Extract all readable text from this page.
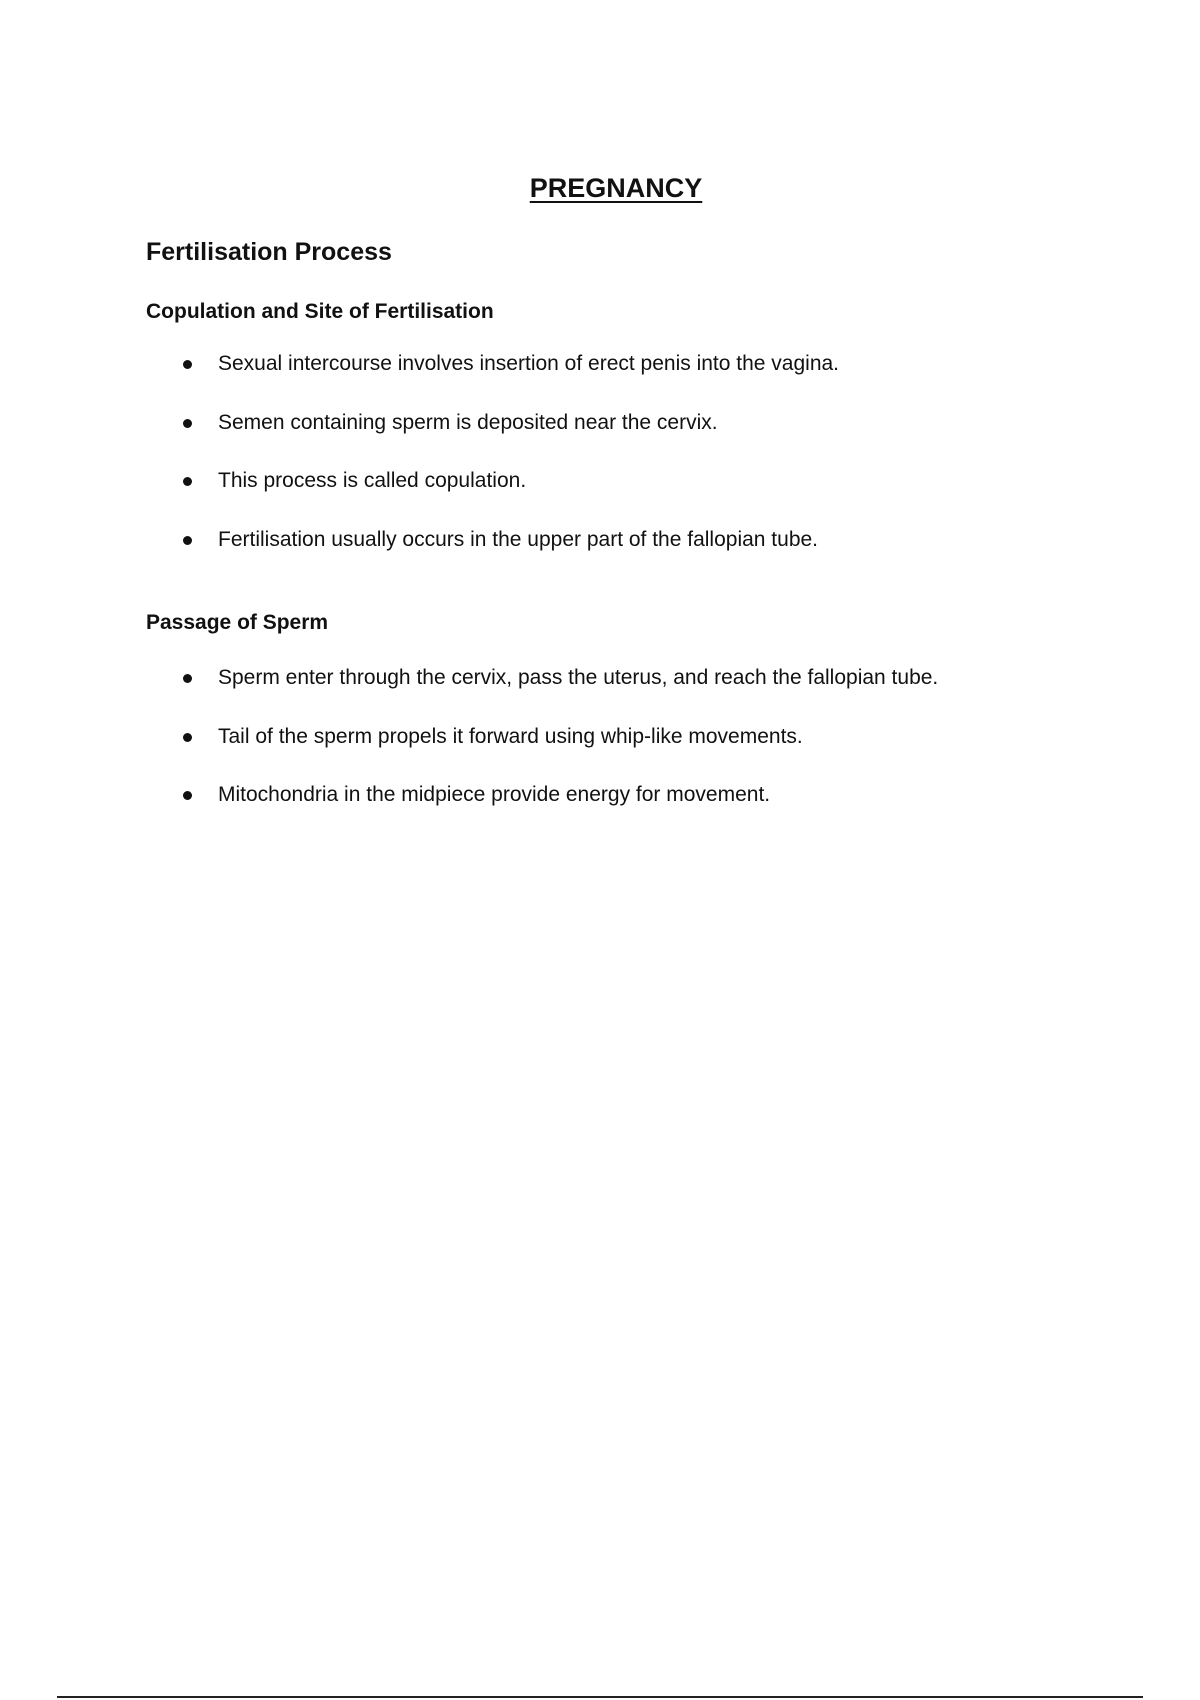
PREGNANCY
Fertilisation Process
Copulation and Site of Fertilisation
Sexual intercourse involves insertion of erect penis into the vagina.
Semen containing sperm is deposited near the cervix.
This process is called copulation.
Fertilisation usually occurs in the upper part of the fallopian tube.
Passage of Sperm
Sperm enter through the cervix, pass the uterus, and reach the fallopian tube.
Tail of the sperm propels it forward using whip-like movements.
Mitochondria in the midpiece provide energy for movement.
